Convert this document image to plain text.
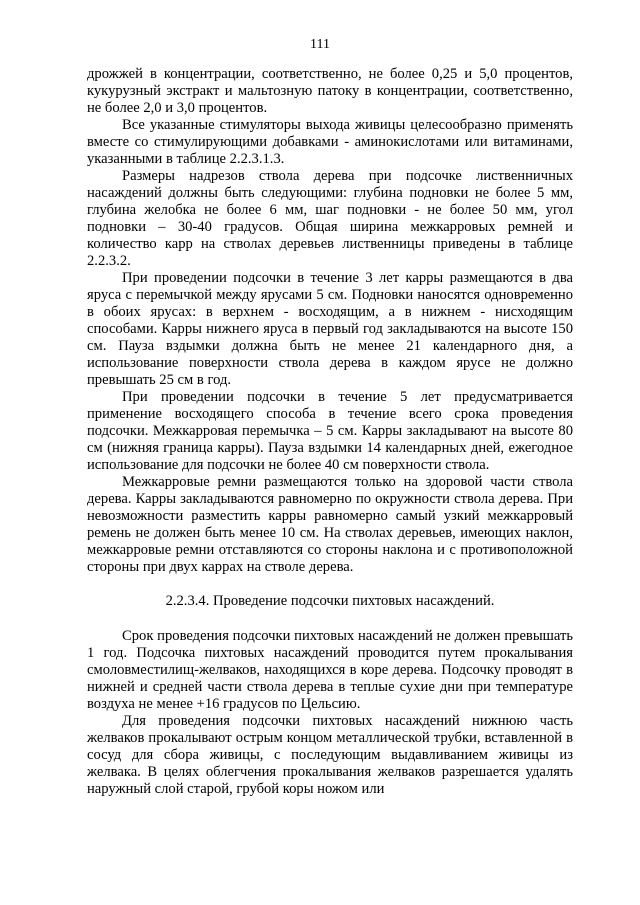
111

дрожжей в концентрации, соответственно, не более 0,25 и 5,0 процентов, кукурузный экстракт и мальтозную патоку в концентрации, соответственно, не более 2,0 и 3,0 процентов.

Все указанные стимуляторы выхода живицы целесообразно применять вместе со стимулирующими добавками - аминокислотами или витаминами, указанными в таблице 2.2.3.1.3.

Размеры надрезов ствола дерева при подсочке лиственничных насаждений должны быть следующими: глубина подновки не более 5 мм, глубина желобка не более 6 мм, шаг подновки - не более 50 мм, угол подновки – 30-40 градусов. Общая ширина межкарровых ремней и количество карр на стволах деревьев лиственницы приведены в таблице 2.2.3.2.

При проведении подсочки в течение 3 лет карры размещаются в два яруса с перемычкой между ярусами 5 см. Подновки наносятся одновременно в обоих ярусах: в верхнем - восходящим, а в нижнем - нисходящим способами. Карры нижнего яруса в первый год закладываются на высоте 150 см. Пауза вздымки должна быть не менее 21 календарного дня, а использование поверхности ствола дерева в каждом ярусе не должно превышать 25 см в год.

При проведении подсочки в течение 5 лет предусматривается применение восходящего способа в течение всего срока проведения подсочки. Межкарровая перемычка – 5 см. Карры закладывают на высоте 80 см (нижняя граница карры). Пауза вздымки 14 календарных дней, ежегодное использование для подсочки не более 40 см поверхности ствола.

Межкарровые ремни размещаются только на здоровой части ствола дерева. Карры закладываются равномерно по окружности ствола дерева. При невозможности разместить карры равномерно самый узкий межкарровый ремень не должен быть менее 10 см. На стволах деревьев, имеющих наклон, межкарровые ремни отставляются со стороны наклона и с противоположной стороны при двух каррах на стволе дерева.

2.2.3.4. Проведение подсочки пихтовых насаждений.

Срок проведения подсочки пихтовых насаждений не должен превышать 1 год. Подсочка пихтовых насаждений проводится путем прокалывания смоловместилищ-желваков, находящихся в коре дерева. Подсочку проводят в нижней и средней части ствола дерева в теплые сухие дни при температуре воздуха не менее +16 градусов по Цельсию.

Для проведения подсочки пихтовых насаждений нижнюю часть желваков прокалывают острым концом металлической трубки, вставленной в сосуд для сбора живицы, с последующим выдавливанием живицы из желвака. В целях облегчения прокалывания желваков разрешается удалять наружный слой старой, грубой коры ножом или
